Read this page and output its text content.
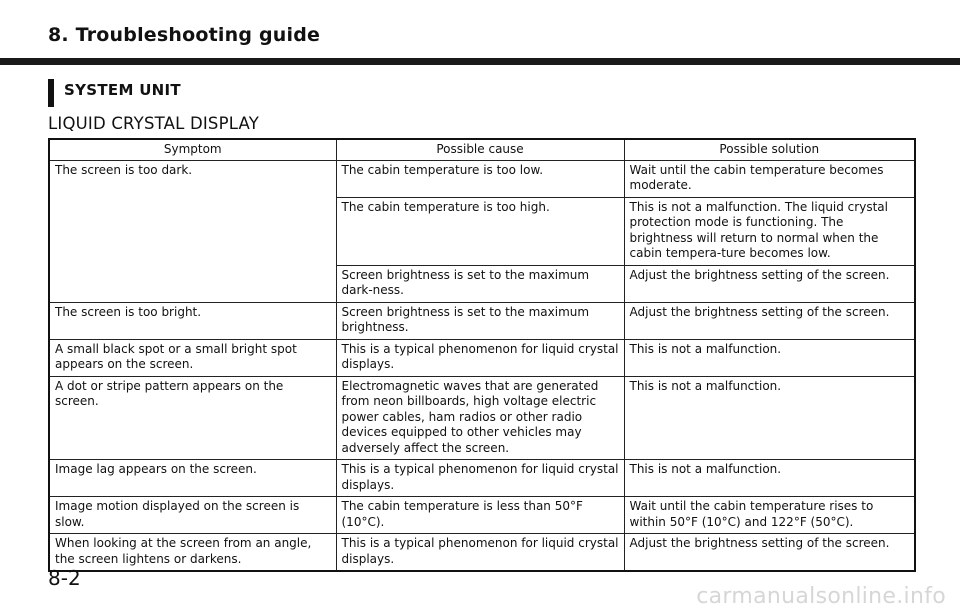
8. Troubleshooting guide
SYSTEM UNIT
LIQUID CRYSTAL DISPLAY
Symptom	Possible cause	Possible solution
The screen is too dark.	The cabin temperature is too low.	Wait until the cabin temperature becomes moderate.
	The cabin temperature is too high.	This is not a malfunction. The liquid crystal protection mode is functioning. The brightness will return to normal when the cabin tempera-ture becomes low.
	Screen brightness is set to the maximum dark-ness.	Adjust the brightness setting of the screen.
The screen is too bright.	Screen brightness is set to the maximum brightness.	Adjust the brightness setting of the screen.
A small black spot or a small bright spot appears on the screen.	This is a typical phenomenon for liquid crystal displays.	This is not a malfunction.
A dot or stripe pattern appears on the screen.	Electromagnetic waves that are generated from neon billboards, high voltage electric power cables, ham radios or other radio devices equipped to other vehicles may adversely affect the screen.	This is not a malfunction.
Image lag appears on the screen.	This is a typical phenomenon for liquid crystal displays.	This is not a malfunction.
Image motion displayed on the screen is slow.	The cabin temperature is less than 50°F (10°C).	Wait until the cabin temperature rises to within 50°F (10°C) and 122°F (50°C).
When looking at the screen from an angle, the screen lightens or darkens.	This is a typical phenomenon for liquid crystal displays.	Adjust the brightness setting of the screen.
8-2
carmanualsonline.info
